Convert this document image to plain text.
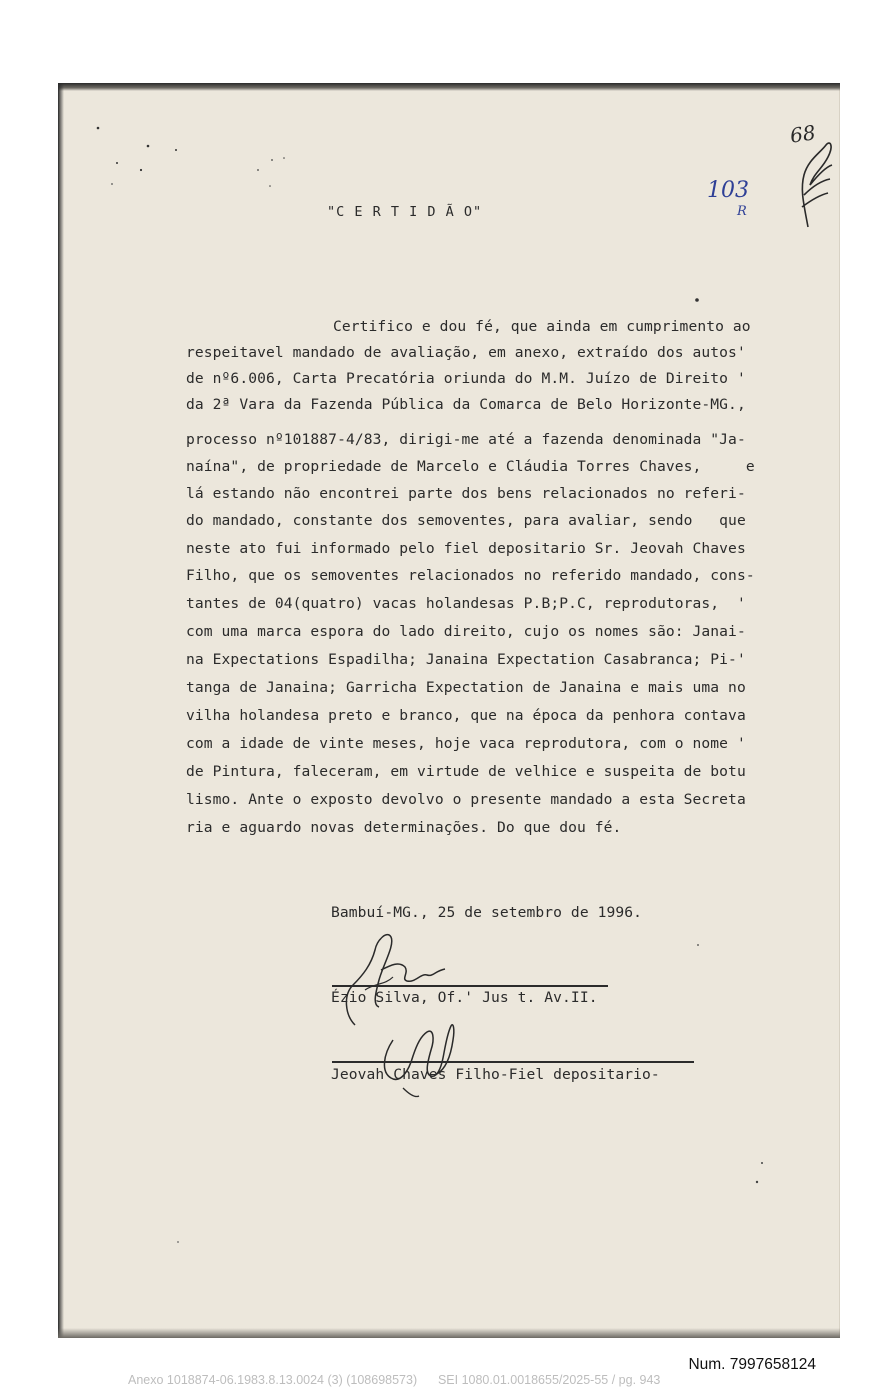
"C E R T I D Ã O"
103
R
68
Certifico e dou fé, que ainda em cumprimento ao
respeitavel mandado de avaliação, em anexo, extraído dos autos'
de nº6.006, Carta Precatória oriunda do M.M. Juízo de Direito '
da 2ª Vara da Fazenda Pública da Comarca de Belo Horizonte-MG.,
processo nº101887-4/83, dirigi-me até a fazenda denominada "Ja-
naína", de propriedade de Marcelo e Cláudia Torres Chaves,     e
lá estando não encontrei parte dos bens relacionados no referi-
do mandado, constante dos semoventes, para avaliar, sendo   que
neste ato fui informado pelo fiel depositario Sr. Jeovah Chaves
Filho, que os semoventes relacionados no referido mandado, cons-
tantes de 04(quatro) vacas holandesas P.B;P.C, reprodutoras,  '
com uma marca espora do lado direito, cujo os nomes são: Janai-
na Expectations Espadilha; Janaina Expectation Casabranca; Pi-'
tanga de Janaina; Garricha Expectation de Janaina e mais uma no
vilha holandesa preto e branco, que na época da penhora contava
com a idade de vinte meses, hoje vaca reprodutora, com o nome '
de Pintura, faleceram, em virtude de velhice e suspeita de botu
lismo. Ante o exposto devolvo o presente mandado a esta Secreta
ria e aguardo novas determinações. Do que dou fé.
Bambuí-MG., 25 de setembro de 1996.
Ézio Silva, Of.' Jus t. Av.II.
Jeovah Chaves Filho-Fiel depositario-
Num. 7997658124
Anexo 1018874-06.1983.8.13.0024 (3) (108698573)      SEI 1080.01.0018655/2025-55 / pg. 943
